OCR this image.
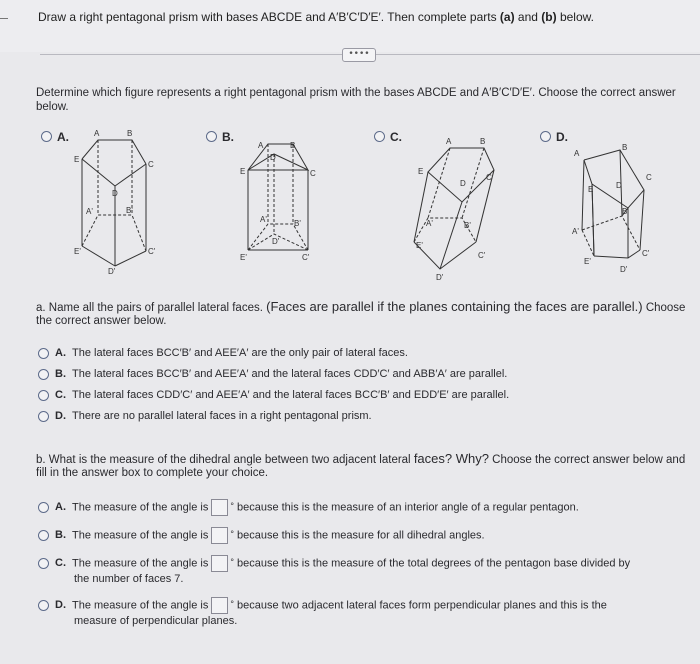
Draw a right pentagonal prism with bases ABCDE and A′B′C′D′E′. Then complete parts (a) and (b) below.
••••
Determine which figure represents a right pentagonal prism with the bases ABCDE and A′B′C′D′E′. Choose the correct answer below.
A.	B.	C.	D.
A	B
E
C
D
A'	B'
E'	C'
D'
A	B
D
E	C
A'	B'
D'
E'	C'
A	B
E
C
D
A'	B'
E'
C'
D'
A
B
E
C
D
A'
B'
E'
C'
D'
a. Name all the pairs of parallel lateral faces. (Faces are parallel if the planes containing the faces are parallel.) Choose the correct answer below.
A. The lateral faces BCC′B′ and AEE′A′ are the only pair of lateral faces.
B. The lateral faces BCC′B′ and AEE′A′ and the lateral faces CDD′C′ and ABB′A′ are parallel.
C. The lateral faces CDD′C′ and AEE′A′ and the lateral faces BCC′B′ and EDD′E′ are parallel.
D. There are no parallel lateral faces in a right pentagonal prism.
b. What is the measure of the dihedral angle between two adjacent lateral faces? Why? Choose the correct answer below and fill in the answer box to complete your choice.
A. The measure of the angle is ° because this is the measure of an interior angle of a regular pentagon.
B. The measure of the angle is ° because this is the measure for all dihedral angles.
C. The measure of the angle is ° because this is the measure of the total degrees of the pentagon base divided by
the number of faces 7.
D. The measure of the angle is ° because two adjacent lateral faces form perpendicular planes and this is the
measure of perpendicular planes.
